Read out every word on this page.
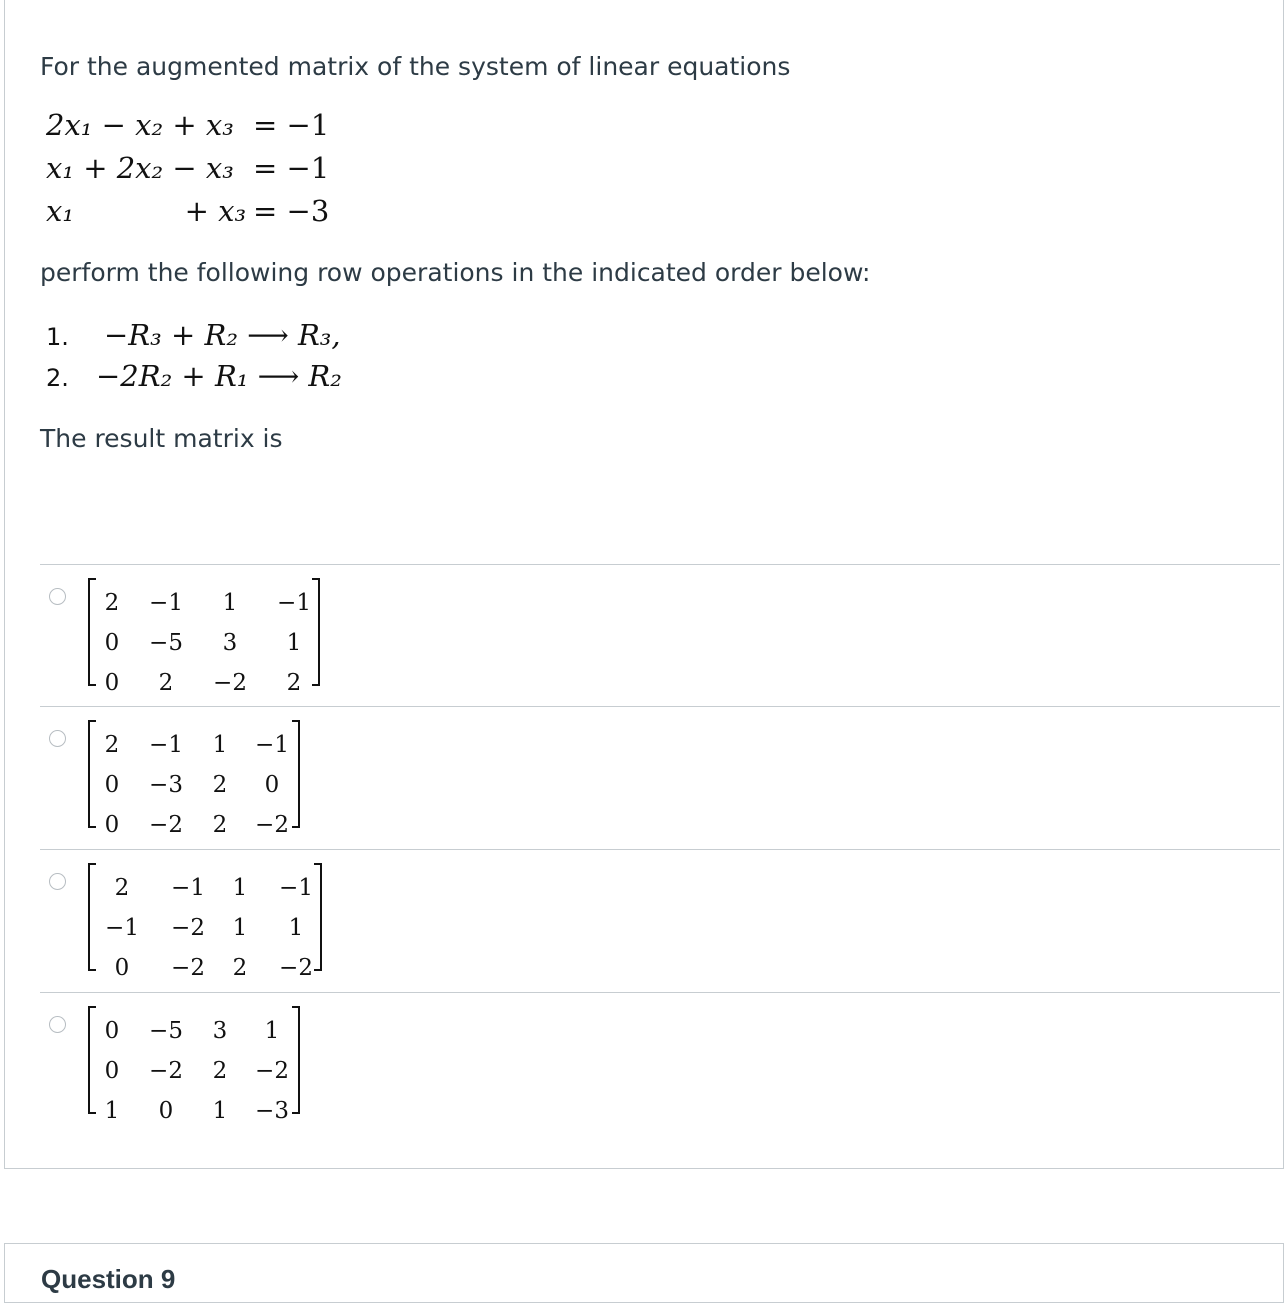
For the augmented matrix of the system of linear equations
2x₁ − x₂ + x₃ = −1
x₁ + 2x₂ − x₃ = −1
x₁            + x₃ = −3
perform the following row operations in the indicated order below:
1. −R₃ + R₂ ⟶ R₃,
2. −2R₂ + R₁ ⟶ R₂
The result matrix is
2	−1	1	−1
0	−5	3	1
0	2	−2	2
2	−1	1	−1
0	−3	2	0
0	−2	2	−2
2	−1	1	−1
−1	−2	1	1
0	−2	2	−2
0	−5	3	1
0	−2	2	−2
1	0	1	−3
Question 9
